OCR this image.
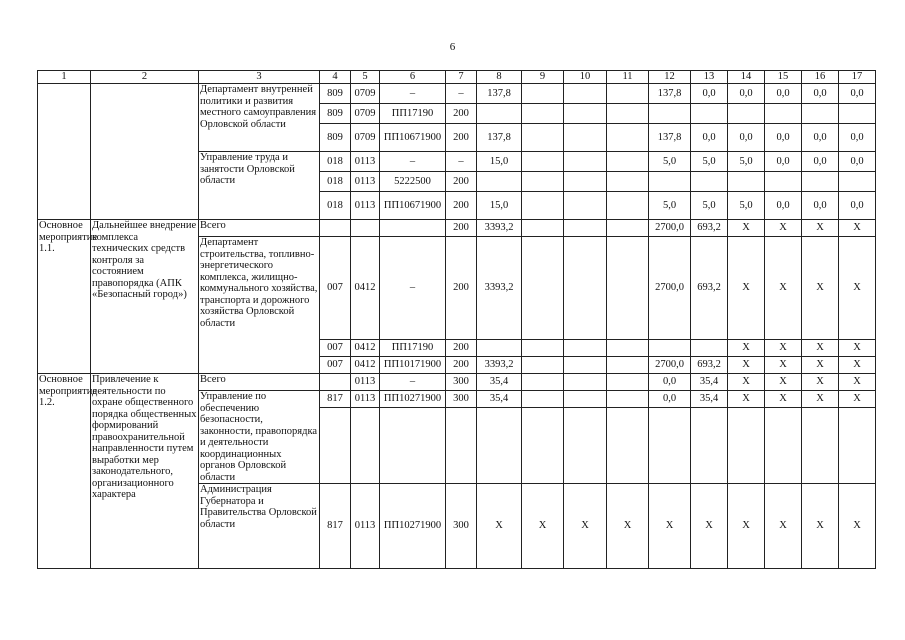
6
1	2	3	4	5	6	7	8	9	10	11	12	13	14	15	16	17
		Департамент внутренней политики и развития местного самоуправления Орловской области	809	0709	–	–	137,8				137,8	0,0	0,0	0,0	0,0	0,0
			809	0709	ПП17190	200										
			809	0709	ПП10671900	200	137,8				137,8	0,0	0,0	0,0	0,0	0,0
		Управление труда и занятости Орловской области	018	0113	–	–	15,0				5,0	5,0	5,0	0,0	0,0	0,0
			018	0113	5222500	200										
			018	0113	ПП10671900	200	15,0				5,0	5,0	5,0	0,0	0,0	0,0
Основное мероприятие 1.1.	Дальнейшее внедрение комплекса технических средств контроля за состоянием правопорядка (АПК «Безопасный город»)	Всего				200	3393,2				2700,0	693,2	X	X	X	X
		Департамент строительства, топливно-энергетического комплекса, жилищно-коммунального хозяйства, транспорта и дорожного хозяйства Орловской области	007	0412	–	200	3393,2				2700,0	693,2	X	X	X	X
			007	0412	ПП17190	200							X	X	X	X
			007	0412	ПП10171900	200	3393,2				2700,0	693,2	X	X	X	X
Основное мероприятие 1.2.	Привлечение к деятельности по охране общественного порядка общественных формирований правоохранительной направленности путем выработки мер законодательного, организационного характера	Всего		0113	–	300	35,4				0,0	35,4	X	X	X	X
		Управление по обеспечению безопасности, законности, правопорядка и деятельности координационных органов Орловской области	817	0113	ПП10271900	300	35,4				0,0	35,4	X	X	X	X

		Администрация Губернатора и Правительства Орловской области	817	0113	ПП10271900	300	X	X	X	X	X	X	X	X	X	X
